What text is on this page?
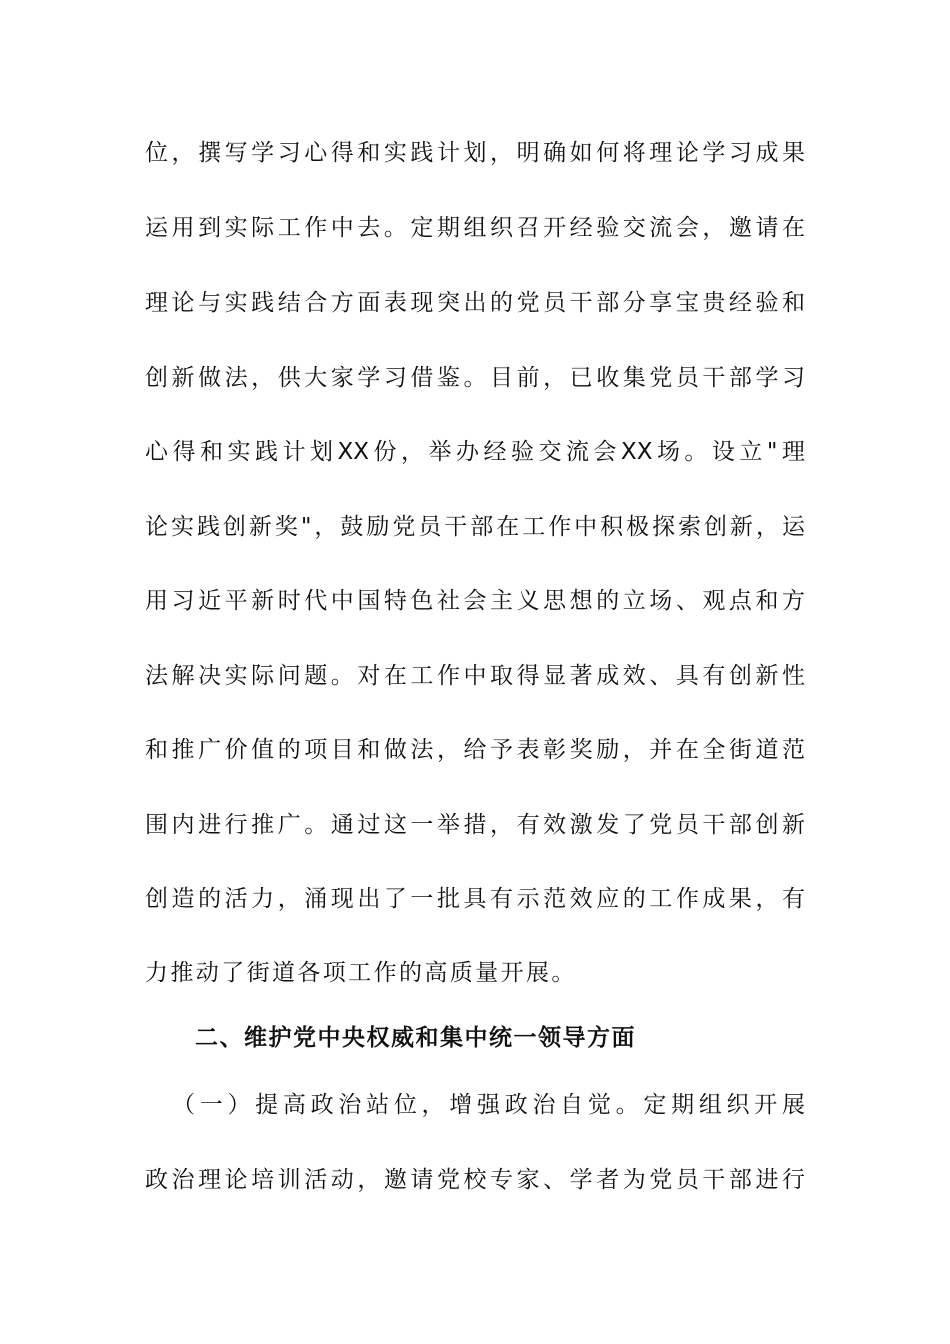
位，撰写学习心得和实践计划，明确如何将理论学习成果
运用到实际工作中去。定期组织召开经验交流会，邀请在
理论与实践结合方面表现突出的党员干部分享宝贵经验和
创新做法，供大家学习借鉴。目前，已收集党员干部学习
心得和实践计划XX份，举办经验交流会XX场。设立"理
论实践创新奖"，鼓励党员干部在工作中积极探索创新，运
用习近平新时代中国特色社会主义思想的立场、观点和方
法解决实际问题。对在工作中取得显著成效、具有创新性
和推广价值的项目和做法，给予表彰奖励，并在全街道范
围内进行推广。通过这一举措，有效激发了党员干部创新
创造的活力，涌现出了一批具有示范效应的工作成果，有
力推动了街道各项工作的高质量开展。
二、维护党中央权威和集中统一领导方面
（一）提高政治站位，增强政治自觉。定期组织开展
政治理论培训活动，邀请党校专家、学者为党员干部进行
